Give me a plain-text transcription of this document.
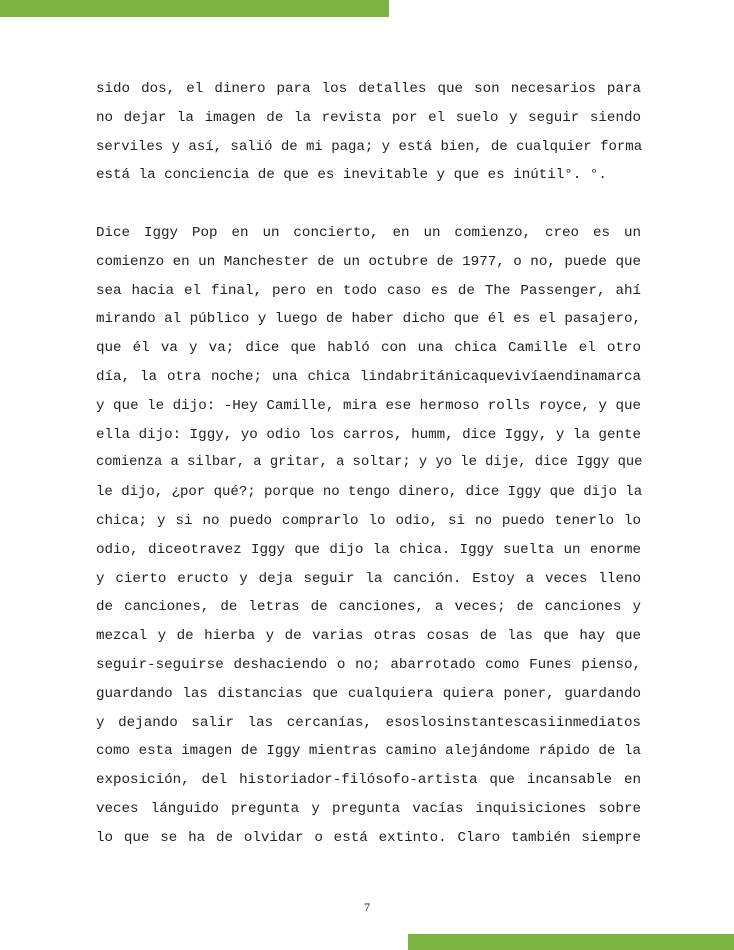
sido dos, el dinero para los detalles que son necesarios para
no dejar la imagen de la revista por el suelo y seguir siendo
serviles y así, salió de mi paga; y está bien, de cualquier forma
está la conciencia de que es inevitable y que es inútil°. °.
Dice Iggy Pop en un concierto, en un comienzo, creo es un
comienzo en un Manchester de un octubre de 1977, o no, puede que
sea hacia el final, pero en todo caso es de The Passenger, ahí
mirando al público y luego de haber dicho que él es el pasajero,
que él va y va; dice que habló con una chica Camille el otro
día, la otra noche; una chica lindabritánicaquevivíaendinamarca
y que le dijo: -Hey Camille, mira ese hermoso rolls royce, y que
ella dijo: Iggy, yo odio los carros, humm, dice Iggy, y la gente
comienza a silbar, a gritar, a soltar; y yo le dije, dice Iggy que
le dijo, ¿por qué?; porque no tengo dinero, dice Iggy que dijo la
chica; y si no puedo comprarlo lo odio, si no puedo tenerlo lo
odio, diceotravez Iggy que dijo la chica. Iggy suelta un enorme
y cierto eructo y deja seguir la canción. Estoy a veces lleno
de canciones, de letras de canciones, a veces; de canciones y
mezcal y de hierba y de varias otras cosas de las que hay que
seguir-seguirse deshaciendo o no; abarrotado como Funes pienso,
guardando las distancias que cualquiera quiera poner, guardando
y dejando salir las cercanías, esoslosinstantescasiinmediatos
como esta imagen de Iggy mientras camino alejándome rápido de la
exposición, del historiador-filósofo-artista que incansable en
veces lánguido pregunta y pregunta vacías inquisiciones sobre
lo que se ha de olvidar o está extinto. Claro también siempre
7
